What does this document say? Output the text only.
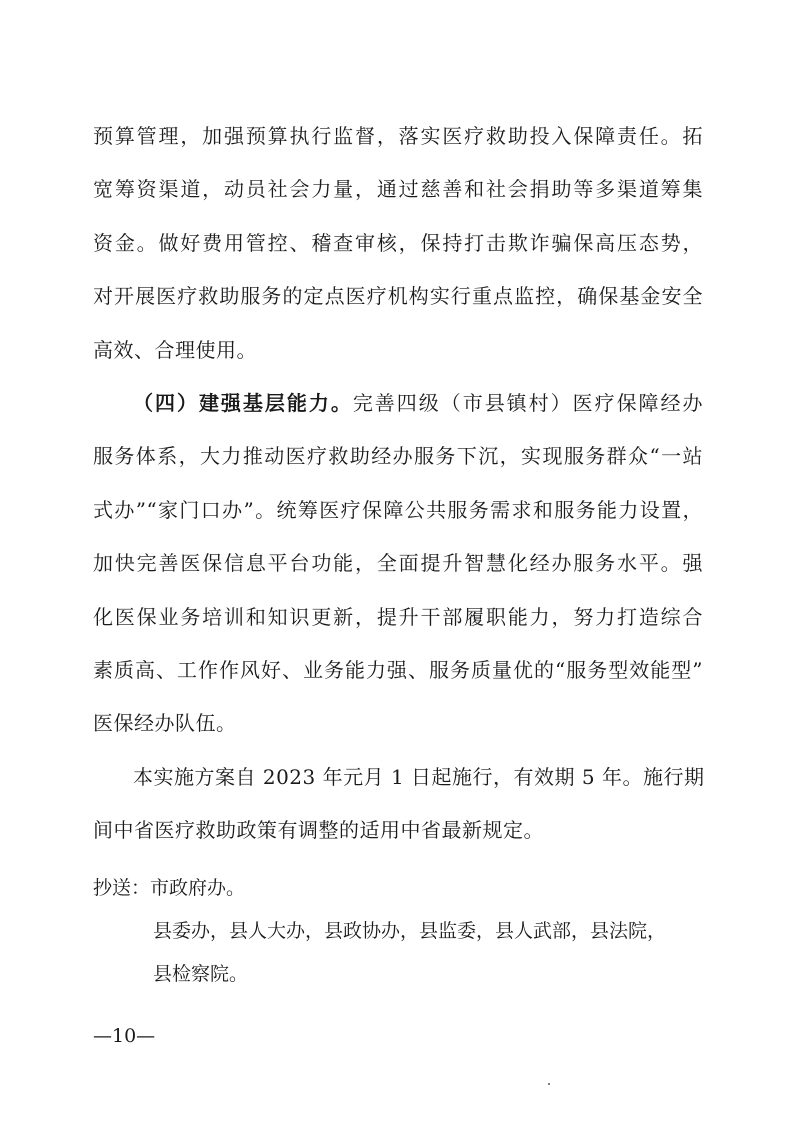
预算管理，加强预算执行监督，落实医疗救助投入保障责任。拓
宽筹资渠道，动员社会力量，通过慈善和社会捐助等多渠道筹集
资金。做好费用管控、稽查审核，保持打击欺诈骗保高压态势，
对开展医疗救助服务的定点医疗机构实行重点监控，确保基金安全
高效、合理使用。
（四）建强基层能力。完善四级（市县镇村）医疗保障经办
服务体系，大力推动医疗救助经办服务下沉，实现服务群众“一站
式办”“家门口办”。统筹医疗保障公共服务需求和服务能力设置，
加快完善医保信息平台功能，全面提升智慧化经办服务水平。强
化医保业务培训和知识更新，提升干部履职能力，努力打造综合
素质高、工作作风好、业务能力强、服务质量优的“服务型效能型”
医保经办队伍。
本实施方案自 2023 年元月 1 日起施行，有效期 5 年。施行期
间中省医疗救助政策有调整的适用中省最新规定。
抄送：市政府办。
县委办，县人大办，县政协办，县监委，县人武部，县法院，
县检察院。
—10—
